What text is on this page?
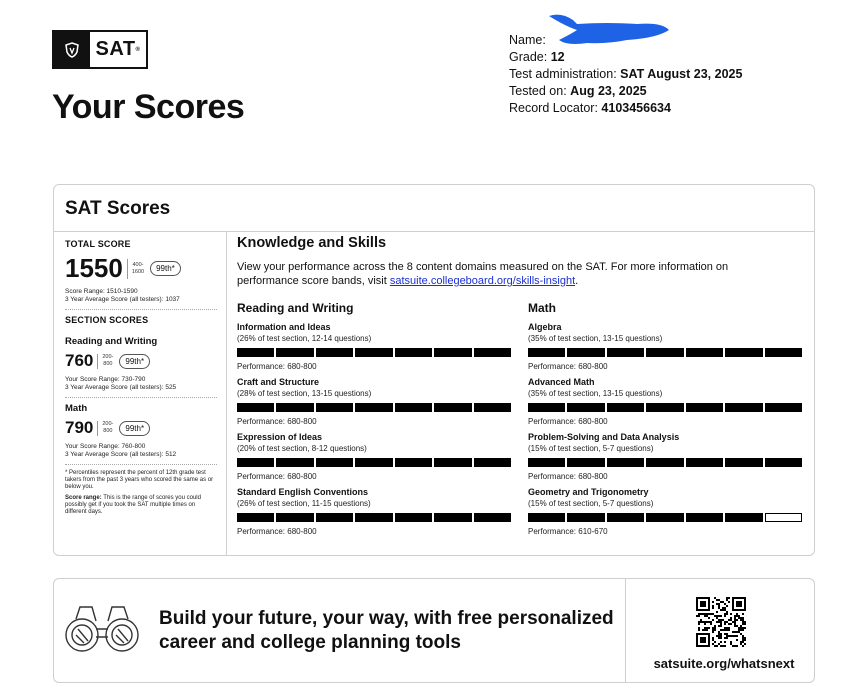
SAT ®
Your Scores
Name:
Grade: 12
Test administration: SAT August 23, 2025
Tested on: Aug 23, 2025
Record Locator: 4103456634
SAT Scores
TOTAL SCORE
1550 400-
1600	99th*
Score Range: 1510-1590
3 Year Average Score (all testers): 1037
SECTION SCORES
Reading and Writing
760 200-
800	99th*
Your Score Range: 730-790
3 Year Average Score (all testers): 525
Math
790 200-
800	99th*
Your Score Range: 760-800
3 Year Average Score (all testers): 512
* Percentiles represent the percent of 12th grade test takers from the past 3 years who scored the same as or below you.
Score range: This is the range of scores you could possibly get if you took the SAT multiple times on different days.
Knowledge and Skills
View your performance across the 8 content domains measured on the SAT. For more information on performance score bands, visit satsuite.collegeboard.org/skills-insight.
Reading and Writing
Information and Ideas
(26% of test section, 12-14 questions)
Performance: 680-800
Craft and Structure
(28% of test section, 13-15 questions)
Performance: 680-800
Expression of Ideas
(20% of test section, 8-12 questions)
Performance: 680-800
Standard English Conventions
(26% of test section, 11-15 questions)
Performance: 680-800
Math
Algebra
(35% of test section, 13-15 questions)
Performance: 680-800
Advanced Math
(35% of test section, 13-15 questions)
Performance: 680-800
Problem-Solving and Data Analysis
(15% of test section, 5-7 questions)
Performance: 680-800
Geometry and Trigonometry
(15% of test section, 5-7 questions)
Performance: 610-670
Build your future, your way, with free personalized career and college planning tools
satsuite.org/whatsnext
